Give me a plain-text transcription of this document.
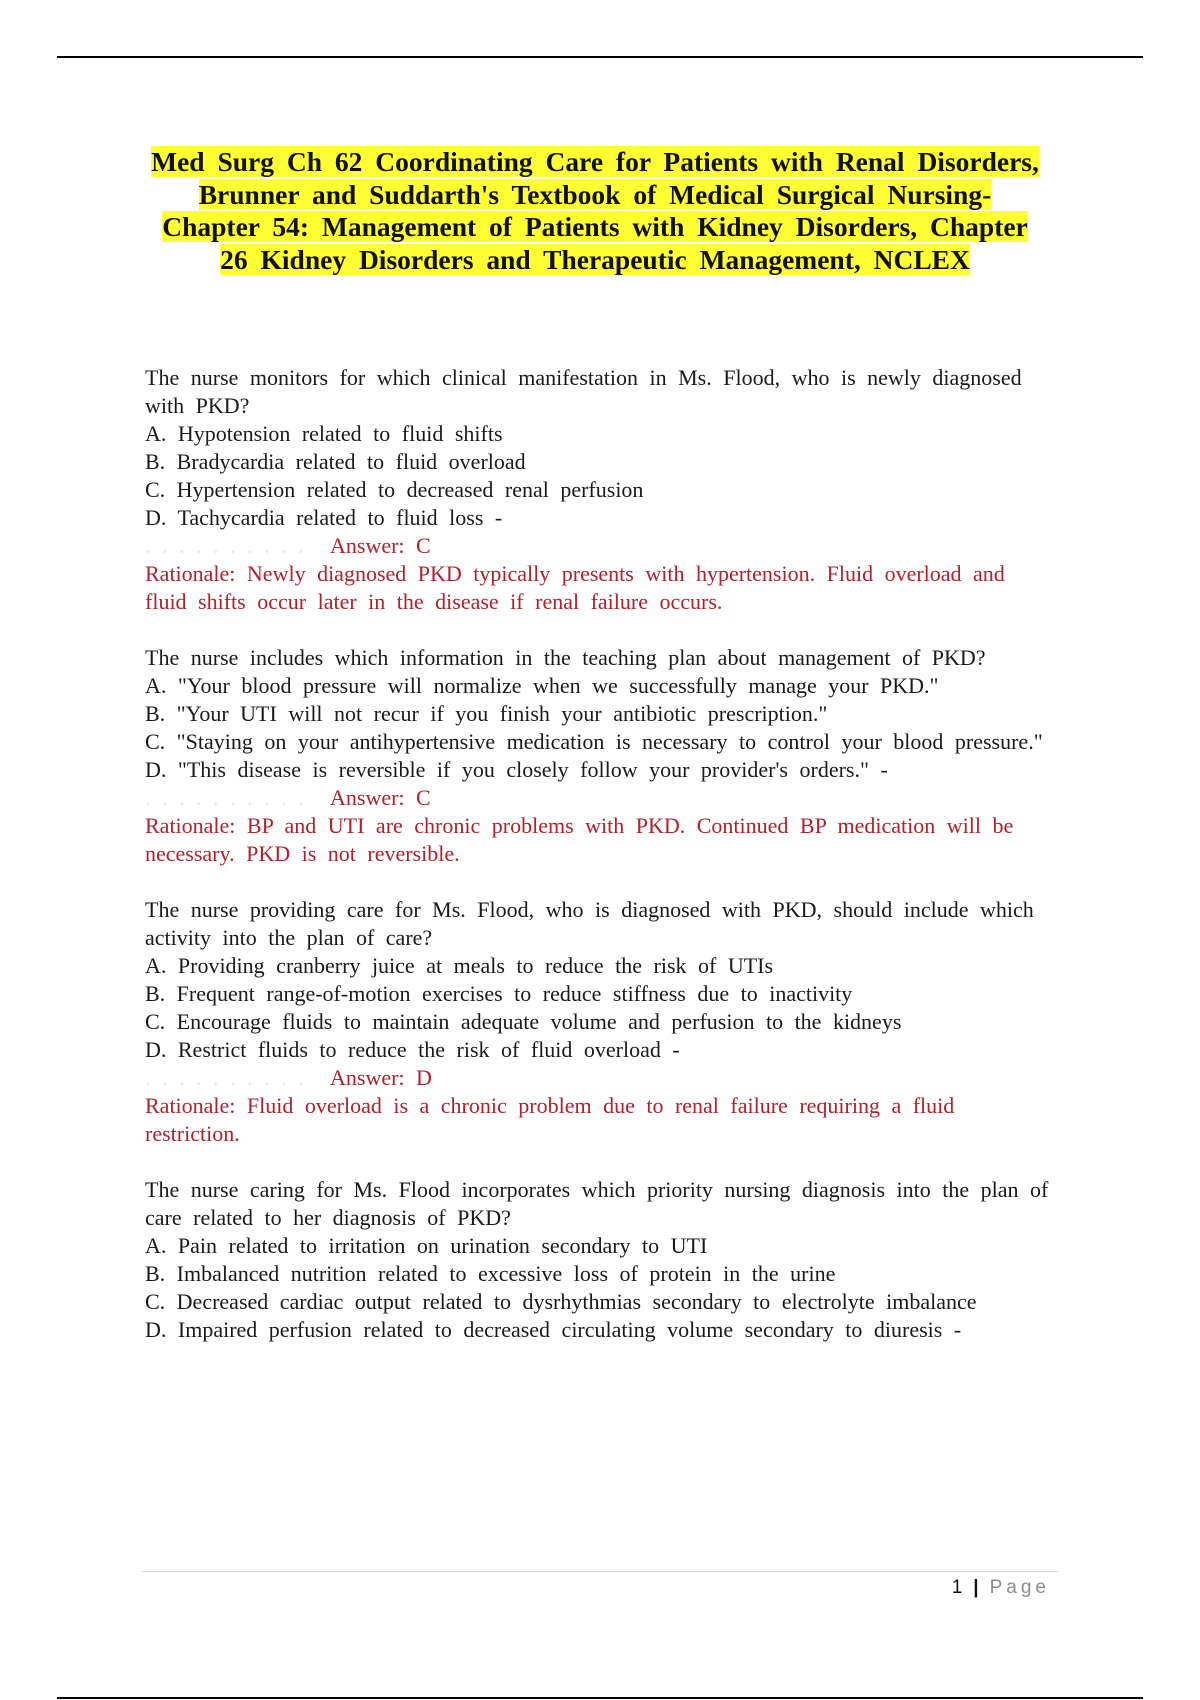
Med Surg Ch 62 Coordinating Care for Patients with Renal Disorders, Brunner and Suddarth's Textbook of Medical Surgical Nursing- Chapter 54: Management of Patients with Kidney Disorders, Chapter 26 Kidney Disorders and Therapeutic Management, NCLEX

The nurse monitors for which clinical manifestation in Ms. Flood, who is newly diagnosed with PKD?

A. Hypotension related to fluid shifts

B. Bradycardia related to fluid overload

C. Hypertension related to decreased renal perfusion

D. Tachycardia related to fluid loss -

. . . . . . . . . . Answer: C

Rationale: Newly diagnosed PKD typically presents with hypertension. Fluid overload and fluid shifts occur later in the disease if renal failure occurs.

The nurse includes which information in the teaching plan about management of PKD?

A. "Your blood pressure will normalize when we successfully manage your PKD."

B. "Your UTI will not recur if you finish your antibiotic prescription."

C. "Staying on your antihypertensive medication is necessary to control your blood pressure."

D. "This disease is reversible if you closely follow your provider's orders." -

. . . . . . . . . . Answer: C

Rationale: BP and UTI are chronic problems with PKD. Continued BP medication will be necessary. PKD is not reversible.

The nurse providing care for Ms. Flood, who is diagnosed with PKD, should include which activity into the plan of care?

A. Providing cranberry juice at meals to reduce the risk of UTIs

B. Frequent range-of-motion exercises to reduce stiffness due to inactivity

C. Encourage fluids to maintain adequate volume and perfusion to the kidneys

D. Restrict fluids to reduce the risk of fluid overload -

. . . . . . . . . . Answer: D

Rationale: Fluid overload is a chronic problem due to renal failure requiring a fluid restriction.

The nurse caring for Ms. Flood incorporates which priority nursing diagnosis into the plan of care related to her diagnosis of PKD?

A. Pain related to irritation on urination secondary to UTI

B. Imbalanced nutrition related to excessive loss of protein in the urine

C. Decreased cardiac output related to dysrhythmias secondary to electrolyte imbalance

D. Impaired perfusion related to decreased circulating volume secondary to diuresis -

1 | Page
